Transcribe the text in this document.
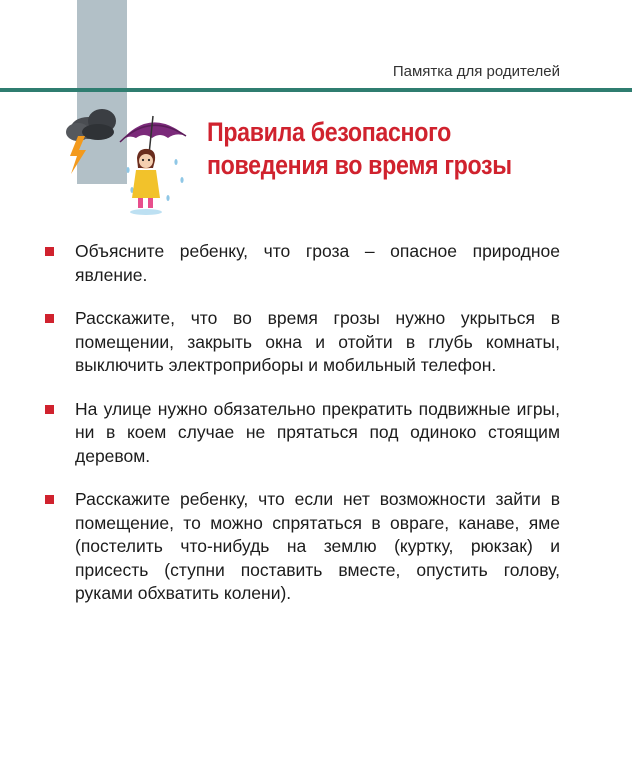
Памятка для родителей
Правила безопасного
поведения во время грозы
Объясните ребенку, что гроза – опасное природное явление.
Расскажите, что во время грозы нужно укрыться в помещении, закрыть окна и отойти в глубь комнаты, выключить электроприборы и мобильный телефон.
На улице нужно обязательно прекратить подвижные игры, ни в коем случае не прятаться под одиноко стоящим деревом.
Расскажите ребенку, что если нет возможности зайти в помещение, то можно спрятаться в овраге, канаве, яме (постелить что-нибудь на землю (куртку, рюкзак) и присесть (ступни поставить вместе, опустить голову, руками обхватить колени).
